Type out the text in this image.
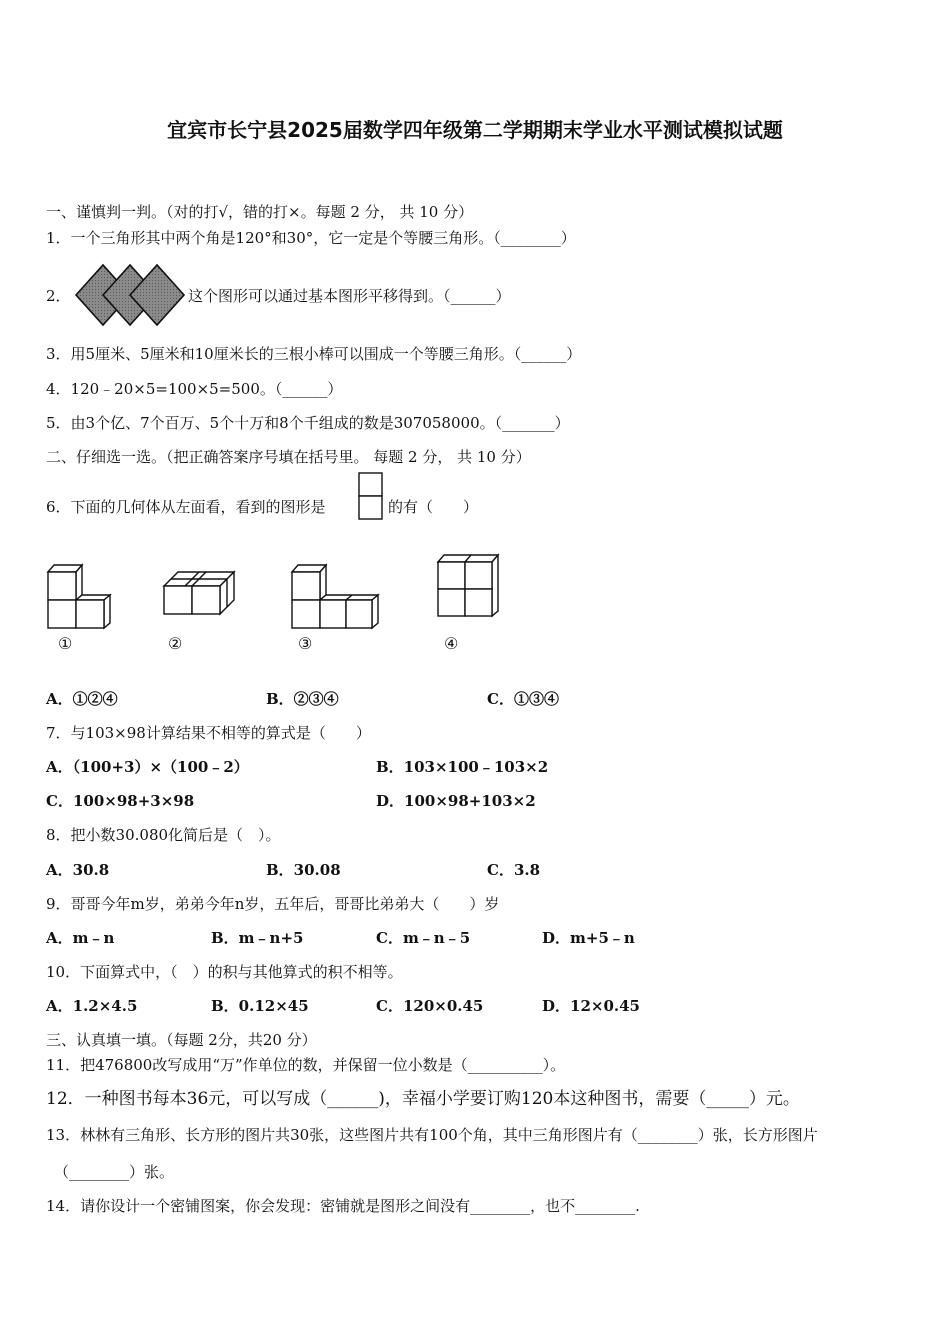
宜宾市长宁县2025届数学四年级第二学期期末学业水平测试模拟试题
一、谨慎判一判。（对的打√，错的打×。每题 2 分， 共 10 分）
1．一个三角形其中两个角是120°和30°，它一定是个等腰三角形。（________）
2．	这个图形可以通过基本图形平移得到。（______）
3．用5厘米、5厘米和10厘米长的三根小棒可以围成一个等腰三角形。（______）
4．120﹣20×5=100×5=500。（______）
5．由3个亿、7个百万、5个十万和8个千组成的数是307058000。（_______）
二、仔细选一选。（把正确答案序号填在括号里。 每题 2 分， 共 10 分）
6．下面的几何体从左面看，看到的图形是	的有（　　）
①	②	③	④
A．①②④	B．②③④	C．①③④
7．与103×98计算结果不相等的算式是（　　）
A．（100+3）×（100﹣2）	B．103×100﹣103×2
C．100×98+3×98	D．100×98+103×2
8．把小数30.080化简后是（　）。
A．30.8	B．30.08	C．3.8
9．哥哥今年m岁，弟弟今年n岁，五年后，哥哥比弟弟大（　　）岁
A．m﹣n	B．m﹣n+5	C．m﹣n﹣5	D．m+5﹣n
10．下面算式中，（　）的积与其他算式的积不相等。
A．1.2×4.5	B．0.12×45	C．120×0.45	D．12×0.45
三、认真填一填。（每题 2分，共20 分）
11．把476800改写成用“万”作单位的数，并保留一位小数是（__________）。
12．一种图书每本36元，可以写成（______)，幸福小学要订购120本这种图书，需要（_____）元。
13．林林有三角形、长方形的图片共30张，这些图片共有100个角，其中三角形图片有（________）张，长方形图片
（________）张。
14．请你设计一个密铺图案，你会发现：密铺就是图形之间没有________，也不________.
